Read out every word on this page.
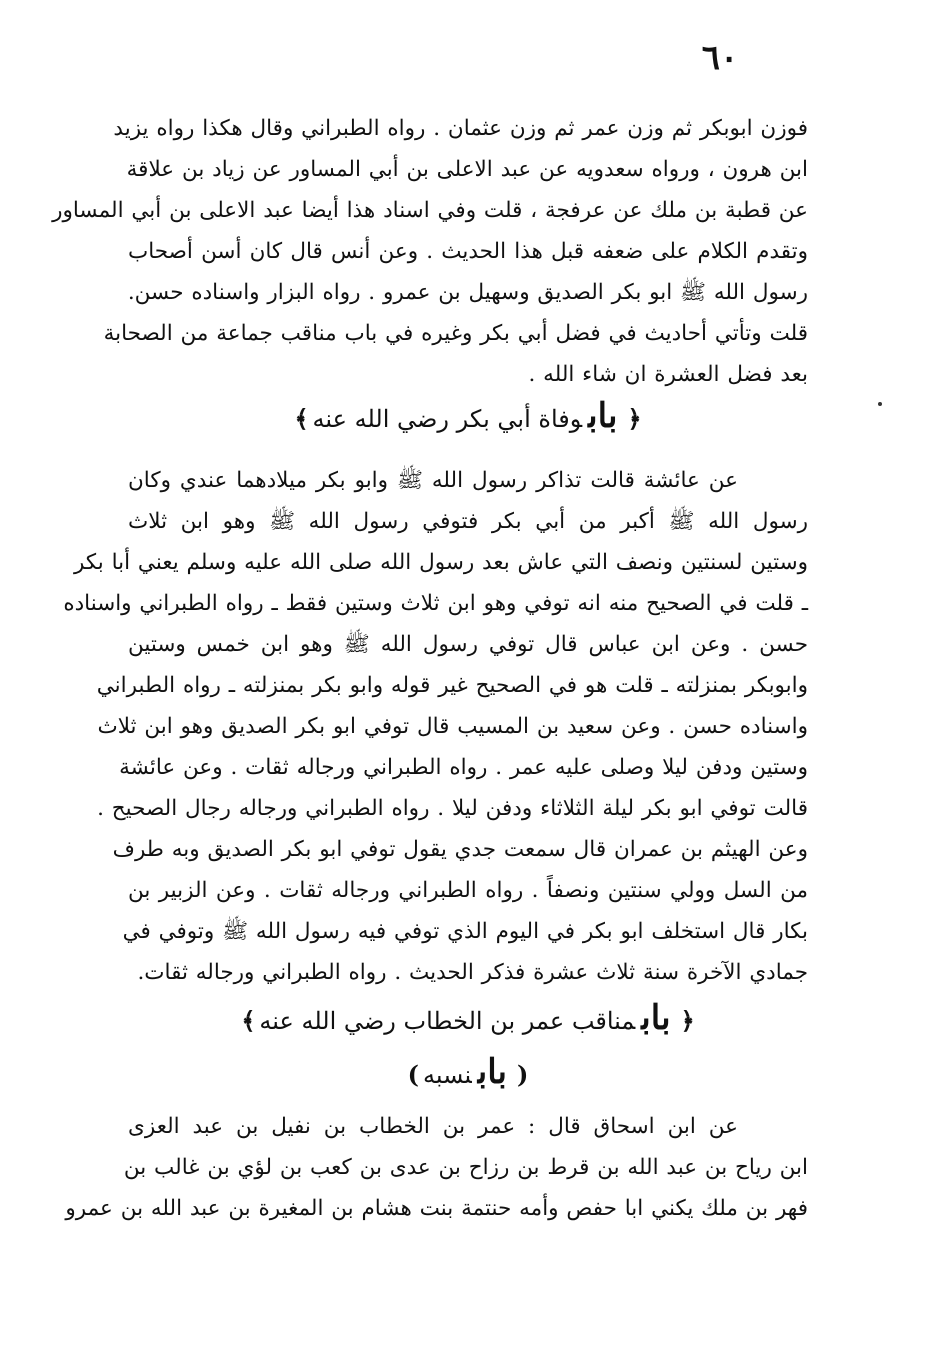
٦٠
فوزن ابوبكر ثم وزن عمر ثم وزن عثمان . رواه الطبراني وقال هكذا رواه يزيد
ابن هرون ، ورواه سعدويه عن عبد الاعلى بن أبي المساور عن زياد بن علاقة
عن قطبة بن ملك عن عرفجة ، قلت وفي اسناد هذا أيضا عبد الاعلى بن أبي المساور
وتقدم الكلام على ضعفه قبل هذا الحديث . وعن أنس قال كان أسن أصحاب
رسول الله ﷺ ابو بكر الصديق وسهيل بن عمرو . رواه البزار واسناده حسن.
قلت وتأتي أحاديث في فضل أبي بكر وغيره في باب مناقب جماعة من الصحابة
بعد فضل العشرة ان شاء الله .
﴿بابوفاة أبي بكر رضي الله عنه﴾
عن عائشة قالت تذاكر رسول الله ﷺ وابو بكر ميلادهما عندي وكان
رسول الله ﷺ أكبر من أبي بكر فتوفي رسول الله ﷺ وهو ابن ثلاث
وستين لسنتين ونصف التي عاش بعد رسول الله صلى الله عليه وسلم يعني أبا بكر
ـ قلت في الصحيح منه انه توفي وهو ابن ثلاث وستين فقط ـ رواه الطبراني واسناده
حسن . وعن ابن عباس قال توفي رسول الله ﷺ وهو ابن خمس وستين
وابوبكر بمنزلته ـ قلت هو في الصحيح غير قوله وابو بكر بمنزلته ـ رواه الطبراني
واسناده حسن . وعن سعيد بن المسيب قال توفي ابو بكر الصديق وهو ابن ثلاث
وستين ودفن ليلا وصلى عليه عمر . رواه الطبراني ورجاله ثقات . وعن عائشة
قالت توفي ابو بكر ليلة الثلاثاء ودفن ليلا . رواه الطبراني ورجاله رجال الصحيح .
وعن الهيثم بن عمران قال سمعت جدي يقول توفي ابو بكر الصديق وبه طرف
من السل وولي سنتين ونصفاً . رواه الطبراني ورجاله ثقات . وعن الزبير بن
بكار قال استخلف ابو بكر في اليوم الذي توفي فيه رسول الله ﷺ وتوفي في
جمادي الآخرة سنة ثلاث عشرة فذكر الحديث . رواه الطبراني ورجاله ثقات.
﴿بابمناقب عمر بن الخطاب رضي الله عنه﴾
(بابنسبه)
عن ابن اسحاق قال : عمر بن الخطاب بن نفيل بن عبد العزى
ابن رياح بن عبد الله بن قرط بن رزاح بن عدى بن كعب بن لؤي بن غالب بن
فهر بن ملك يكني ابا حفص وأمه حنتمة بنت هشام بن المغيرة بن عبد الله بن عمرو
